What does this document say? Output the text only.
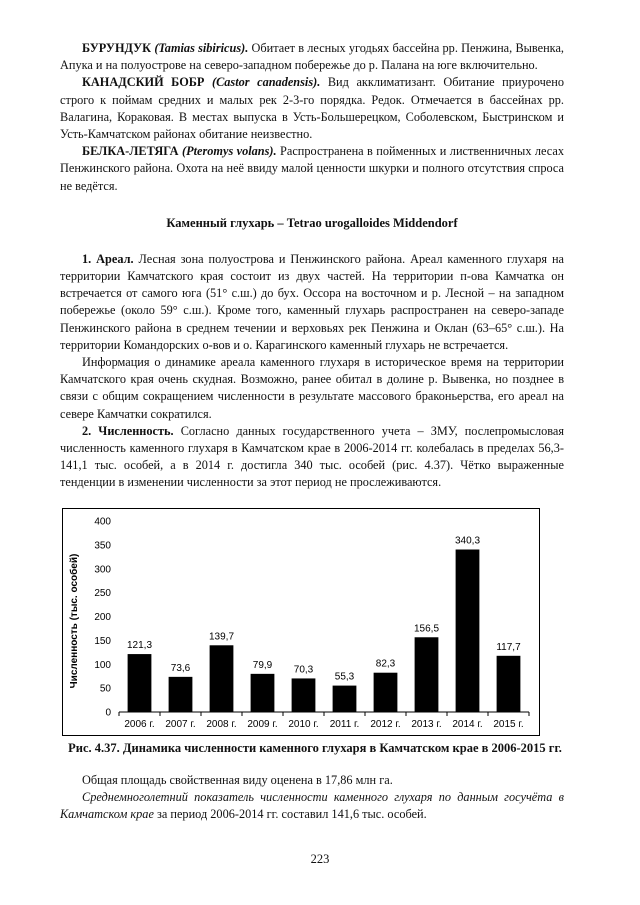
БУРУНДУК (Tamias sibiricus). Обитает в лесных угодьях бассейна рр. Пенжина, Вывенка, Апука и на полуострове на северо-западном побережье до р. Палана на юге включительно.

КАНАДСКИЙ БОБР (Castor canadensis). Вид акклиматизант. Обитание приурочено строго к поймам средних и малых рек 2-3-го порядка. Редок. Отмечается в бассейнах рр. Валагина, Кораковая. В местах выпуска в Усть-Большерецком, Соболевском, Быстринском и Усть-Камчатском районах обитание неизвестно.

БЕЛКА-ЛЕТЯГА (Pteromys volans). Распространена в пойменных и лиственничных лесах Пенжинского района. Охота на неё ввиду малой ценности шкурки и полного отсутствия спроса не ведётся.

Каменный глухарь – Tetrao urogalloides Middendorf

1. Ареал. Лесная зона полуострова и Пенжинского района. Ареал каменного глухаря на территории Камчатского края состоит из двух частей. На территории п-ова Камчатка он встречается от самого юга (51° с.ш.) до бух. Оссора на восточном и р. Лесной – на западном побережье (около 59° с.ш.). Кроме того, каменный глухарь распространен на северо-западе Пенжинского района в среднем течении и верховьях рек Пенжина и Оклан (63–65° с.ш.). На территории Командорских о-вов и о. Карагинского каменный глухарь не встречается.

Информация о динамике ареала каменного глухаря в историческое время на территории Камчатского края очень скудная. Возможно, ранее обитал в долине р. Вывенка, но позднее в связи с общим сокращением численности в результате массового браконьерства, его ареал на севере Камчатки сократился.

2. Численность. Согласно данных государственного учета – ЗМУ, послепромысловая численность каменного глухаря в Камчатском крае в 2006-2014 гг. колебалась в пределах 56,3-141,1 тыс. особей, а в 2014 г. достигла 340 тыс. особей (рис. 4.37). Чётко выраженные тенденции в изменении численности за этот период не прослеживаются.

Численность (тыс. особей)
0
50
100
150
200
250
300
350
400
121,3
73,6
139,7
79,9 70,3
55,3
82,3
156,5
340,3
117,7
2006 г. 2007 г. 2008 г. 2009 г. 2010 г. 2011 г. 2012 г. 2013 г. 2014 г. 2015 г.
Рис. 4.37. Динамика численности каменного глухаря в Камчатском крае в 2006-2015 гг.

Общая площадь свойственная виду оценена в 17,86 млн га.

Среднемноголетний показатель численности каменного глухаря по данным госучёта в Камчатском крае за период 2006-2014 гг. составил 141,6 тыс. особей.

223
